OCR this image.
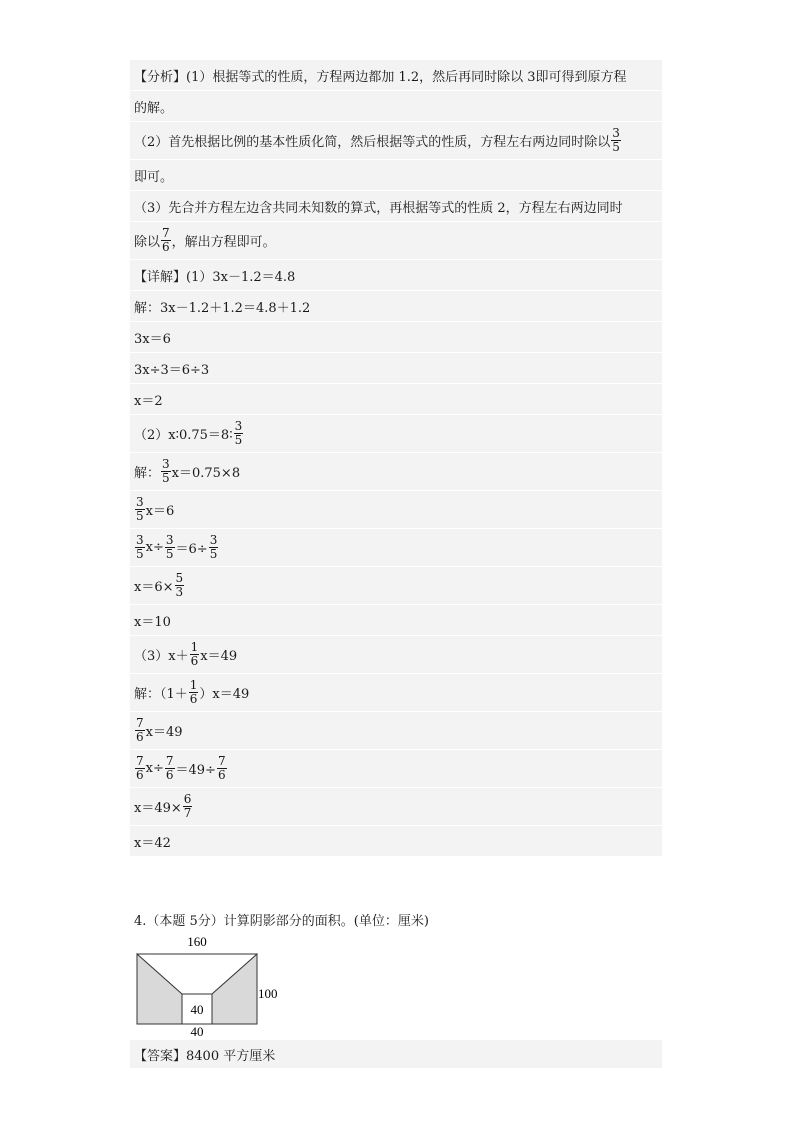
【分析】(1）根据等式的性质，方程两边都加 1.2，然后再同时除以 3即可得到原方程
的解。
（2）首先根据比例的基本性质化简，然后根据等式的性质，方程左右两边同时除以 $\frac{3}{5}$
即可。
（3）先合并方程左边含共同未知数的算式，再根据等式的性质 2，方程左右两边同时
除以 $\frac{7}{6}$ ，解出方程即可。
【详解】(1）3x－1.2＝4.8
解：3x－1.2＋1.2＝4.8＋1.2
3x＝6
3x÷3＝6÷3
x＝2
（2）x∶0.75＝8∶ $\frac{3}{5}$
解： $\frac{3}{5} x=0.75\times 8$
$\frac{3}{5} x=6$
$\frac{3}{5} x\div \frac{3}{5} =6\div \frac{3}{5}$
$x=6\times \frac{5}{3}$
x＝10
$(3)x+ \frac{1}{6} x=49$
解：$(1+ \frac{1}{6} )x=49$
$\frac{7}{6} x=49$
$\frac{7}{6} x\div \frac{7}{6} =49\div \frac{7}{6}$
$x=49\times \frac{6}{7}$
x＝42
4.（本题 5分）计算阴影部分的面积。(单位：厘米)
160
100
40
40
【答案】8400 平方厘米
